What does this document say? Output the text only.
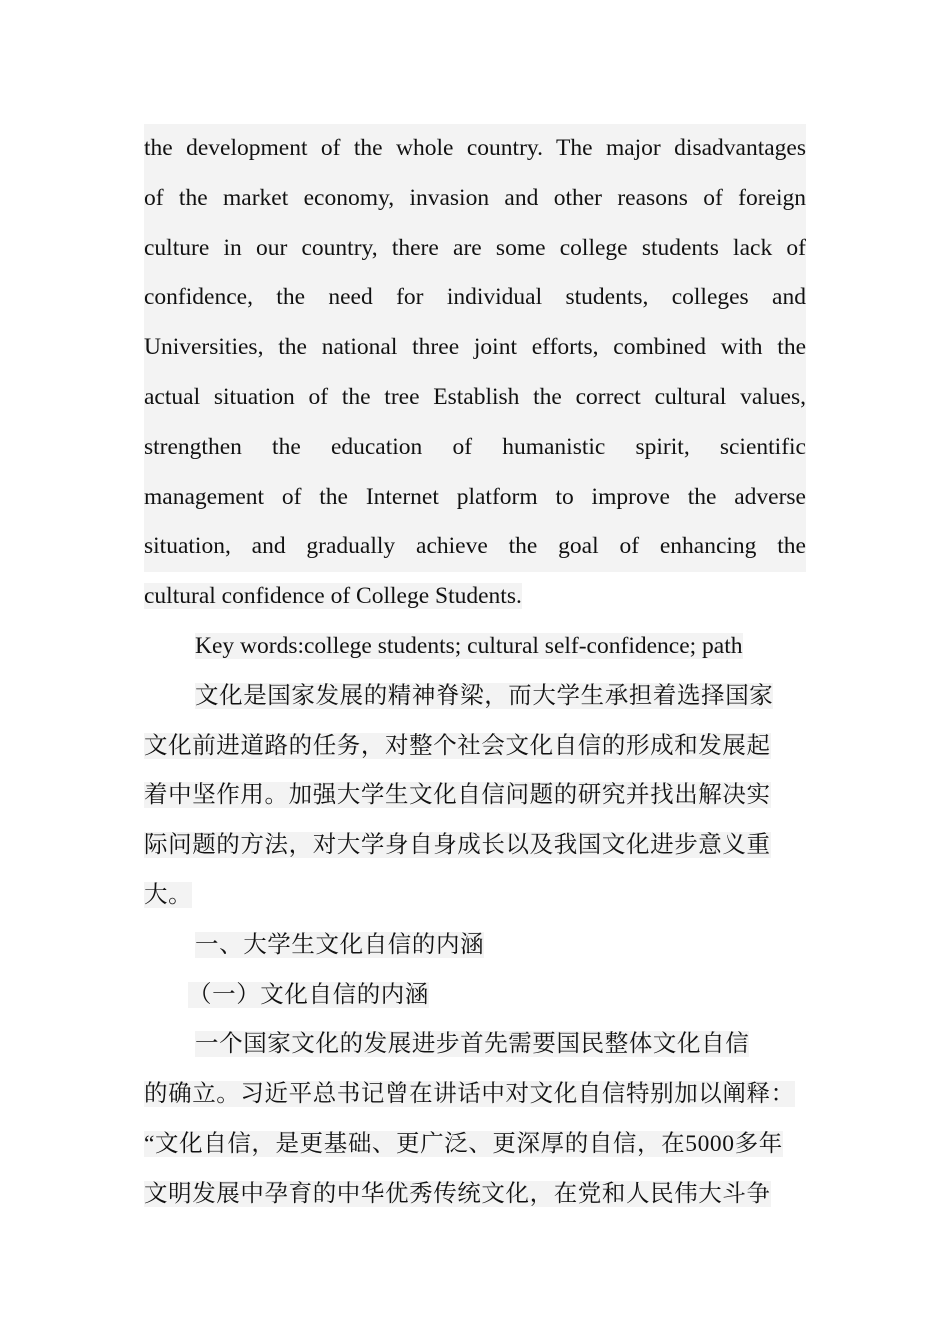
the development of the whole country. The major disadvantages
of the market economy, invasion and other reasons of foreign
culture in our country, there are some college students lack of
confidence, the need for individual students, colleges and
Universities, the national three joint efforts, combined with the
actual situation of the tree Establish the correct cultural values,
strengthen the education of humanistic spirit, scientific
management of the Internet platform to improve the adverse
situation, and gradually achieve the goal of enhancing the
cultural confidence of College Students.
Key words:college students; cultural self-confidence; path
文化是国家发展的精神脊梁，而大学生承担着选择国家
文化前进道路的任务，对整个社会文化自信的形成和发展起
着中坚作用。加强大学生文化自信问题的研究并找出解决实
际问题的方法，对大学身自身成长以及我国文化进步意义重
大。
一、大学生文化自信的内涵
（一）文化自信的内涵
一个国家文化的发展进步首先需要国民整体文化自信
的确立。习近平总书记曾在讲话中对文化自信特别加以阐释：
“文化自信，是更基础、更广泛、更深厚的自信，在5000多年
文明发展中孕育的中华优秀传统文化，在党和人民伟大斗争
